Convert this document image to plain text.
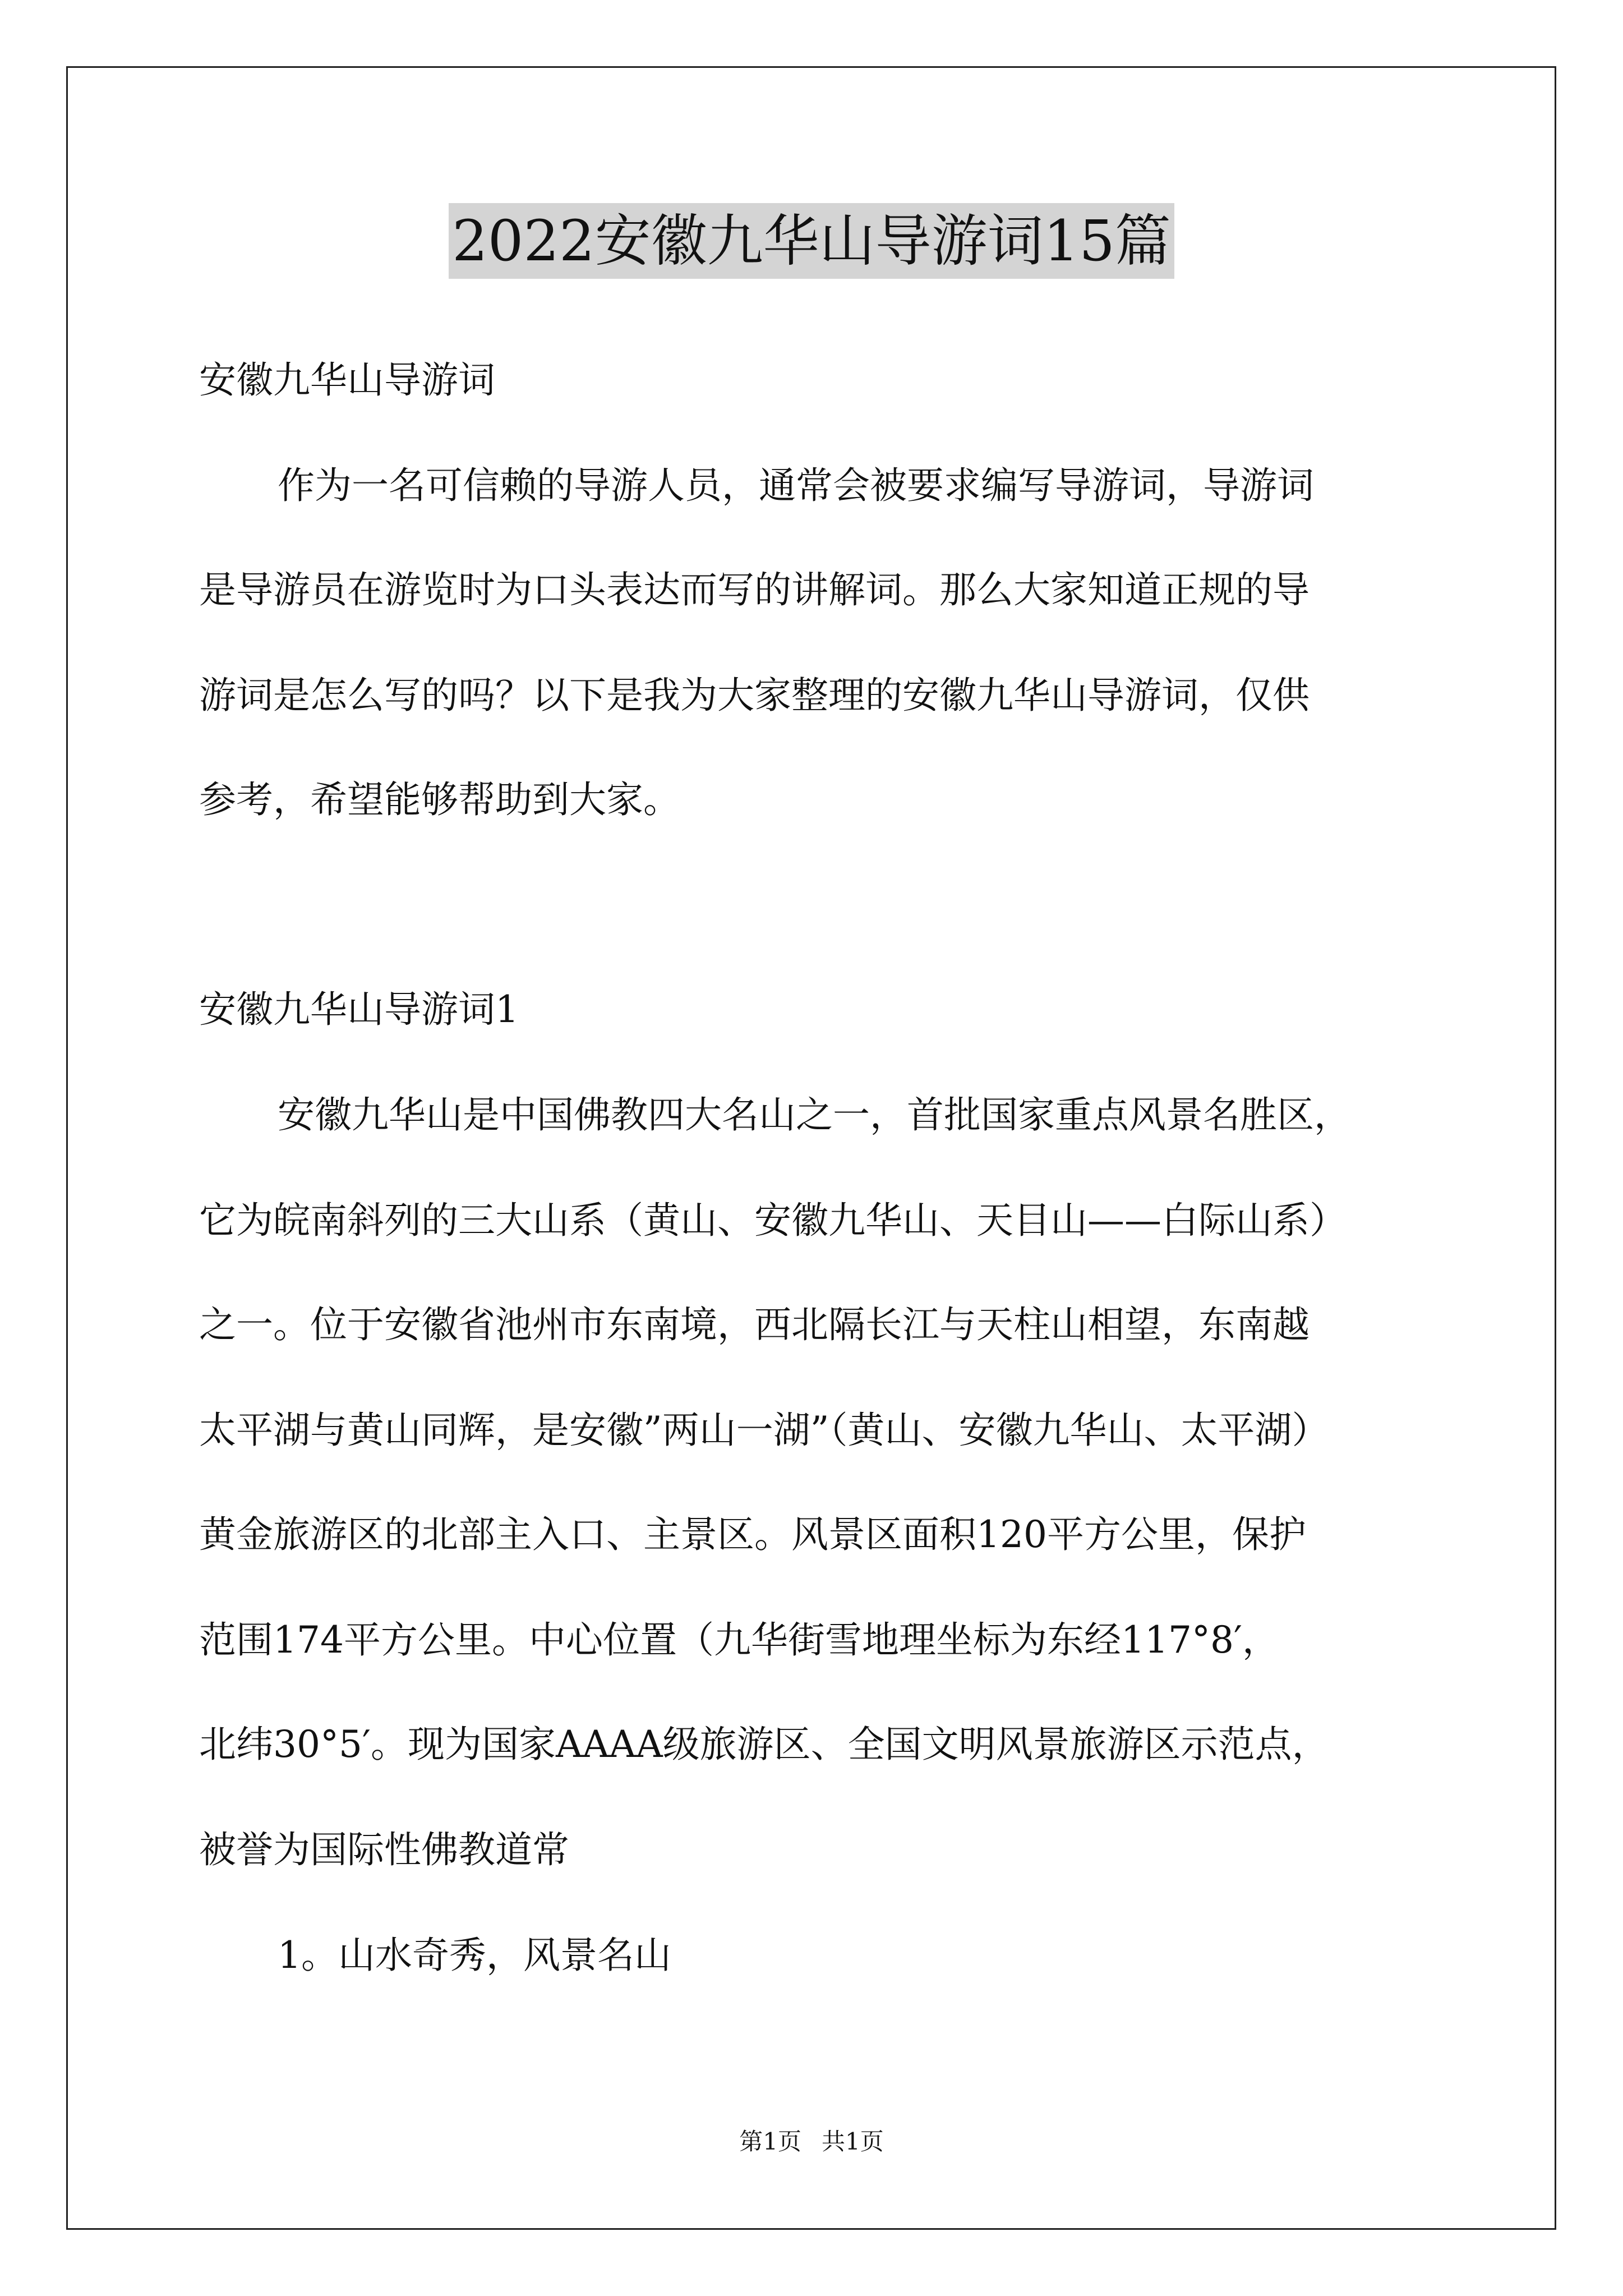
2022安徽九华山导游词15篇
安徽九华山导游词
作为一名可信赖的导游人员，通常会被要求编写导游词，导游词
是导游员在游览时为口头表达而写的讲解词。那么大家知道正规的导
游词是怎么写的吗？以下是我为大家整理的安徽九华山导游词，仅供
参考，希望能够帮助到大家。
安徽九华山导游词1
安徽九华山是中国佛教四大名山之一，首批国家重点风景名胜区，
它为皖南斜列的三大山系（黄山、安徽九华山、天目山——白际山系）
之一。位于安徽省池州市东南境，西北隔长江与天柱山相望，东南越
太平湖与黄山同辉，是安徽”两山一湖”（黄山、安徽九华山、太平湖）
黄金旅游区的北部主入口、主景区。风景区面积120平方公里，保护
范围174平方公里。中心位置（九华街雪地理坐标为东经117°8′，
北纬30°5′。现为国家AAAA级旅游区、全国文明风景旅游区示范点，
被誉为国际性佛教道常
1。山水奇秀，风景名山
第1页 共1页
